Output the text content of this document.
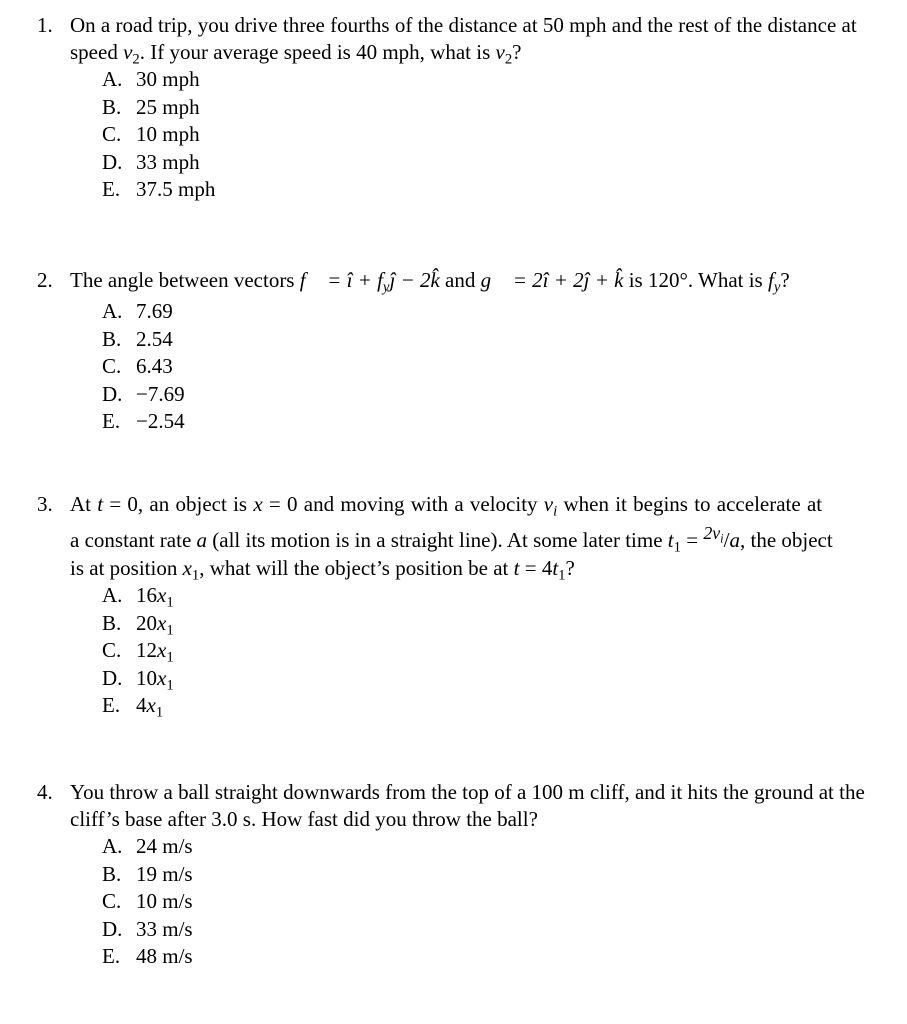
1. On a road trip, you drive three fourths of the distance at 50 mph and the rest of the distance at speed $v_2$. If your average speed is 40 mph, what is $v_2$?
A. 30 mph
B. 25 mph
C. 10 mph
D. 33 mph
E. 37.5 mph
2. The angle between vectors f⃗ = î + $f_yĵ$ − 2k̂ and g⃗ = 2î + 2ĵ + k̂ is 120°. What is $f_y$?
A. 7.69
B. 2.54
C. 6.43
D. −7.69
E. −2.54
3. At t = 0, an object is x = 0 and moving with a velocity $v_i$ when it begins to accelerate at
a constant rate a (all its motion is in a straight line). At some later time $t_1 = 2v_i/a$, the object
is at position $x_1$, what will the object’s position be at $t = 4t_1$?
A. $16x_1$
B. $20x_1$
C. $12x_1$
D. $10x_1$
E. $4x_1$
4. You throw a ball straight downwards from the top of a 100 m cliff, and it hits the ground at the cliff’s base after 3.0 s. How fast did you throw the ball?
A. 24 m/s
B. 19 m/s
C. 10 m/s
D. 33 m/s
E. 48 m/s
